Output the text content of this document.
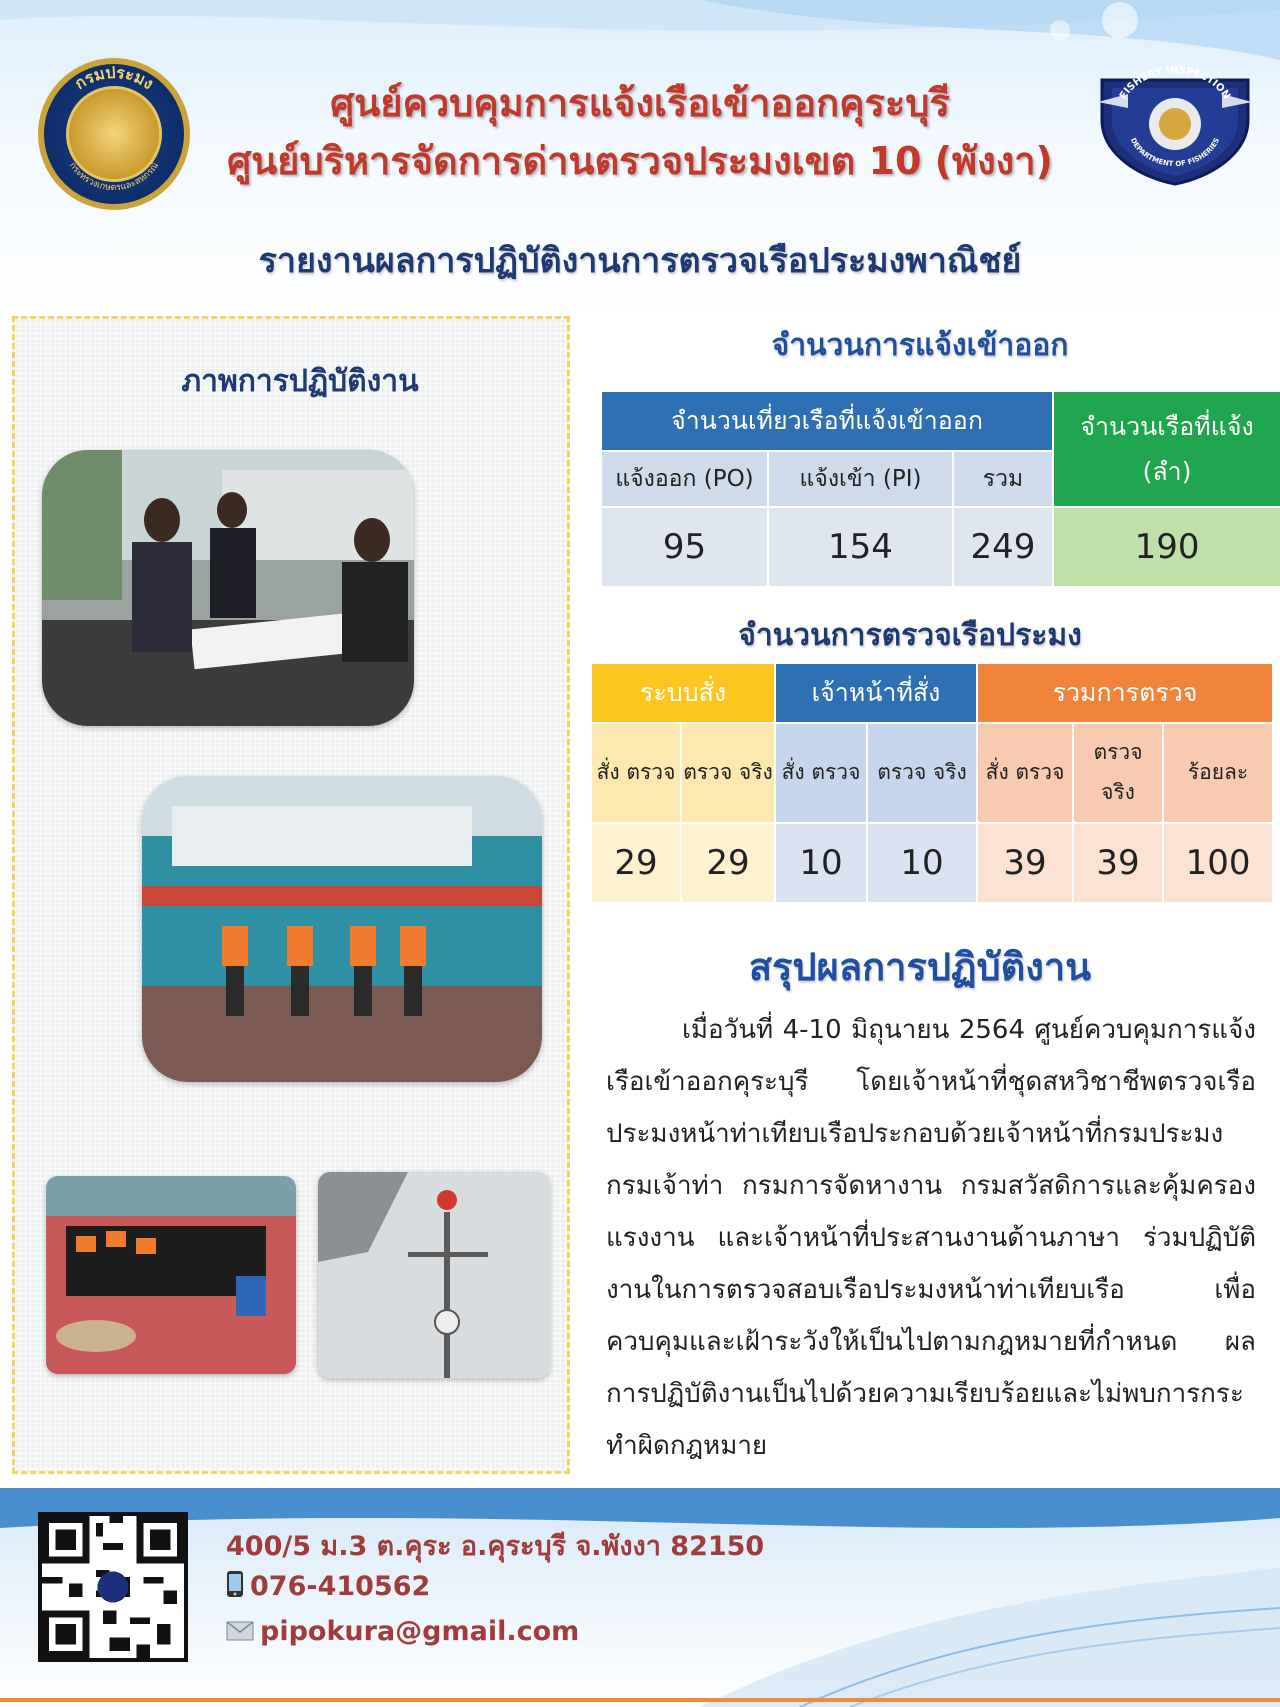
กรมประมง
กระทรวงเกษตรและสหกรณ์
FISHERY INSPECTION
DEPARTMENT OF FISHERIES
ศูนย์ควบคุมการแจ้งเรือเข้าออกคุระบุรี
ศูนย์บริหารจัดการด่านตรวจประมงเขต 10 (พังงา)
รายงานผลการปฏิบัติงานการตรวจเรือประมงพาณิชย์
ภาพการปฏิบัติงาน
จำนวนการแจ้งเข้าออก
จำนวนเที่ยวเรือที่แจ้งเข้าออก			จำนวนเรือที่แจ้ง (ลำ)
แจ้งออก (PO)	แจ้งเข้า (PI)	รวม	
95	154	249	190
จำนวนการตรวจเรือประมง
ระบบสั่ง		เจ้าหน้าที่สั่ง		รวมการตรวจ		
สั่ง ตรวจ	ตรวจ จริง	สั่ง ตรวจ	ตรวจ จริง	สั่ง ตรวจ	ตรวจ จริง	ร้อยละ
29	29	10	10	39	39	100
สรุปผลการปฏิบัติงาน
เมื่อวันที่ 4-10 มิถุนายน 2564 ศูนย์ควบคุมการแจ้งเรือเข้าออกคุระบุรี โดยเจ้าหน้าที่ชุดสหวิชาชีพตรวจเรือประมงหน้าท่าเทียบเรือประกอบด้วยเจ้าหน้าที่กรมประมง กรมเจ้าท่า กรมการจัดหางาน กรมสวัสดิการและคุ้มครองแรงงาน และเจ้าหน้าที่ประสานงานด้านภาษา ร่วมปฏิบัติงานในการตรวจสอบเรือประมงหน้าท่าเทียบเรือ เพื่อควบคุมและเฝ้าระวังให้เป็นไปตามกฎหมายที่กำหนด ผลการปฏิบัติงานเป็นไปด้วยความเรียบร้อยและไม่พบการกระทำผิดกฎหมาย
400/5 ม.3 ต.คุระ อ.คุระบุรี จ.พังงา 82150
076-410562
pipokura@gmail.com
